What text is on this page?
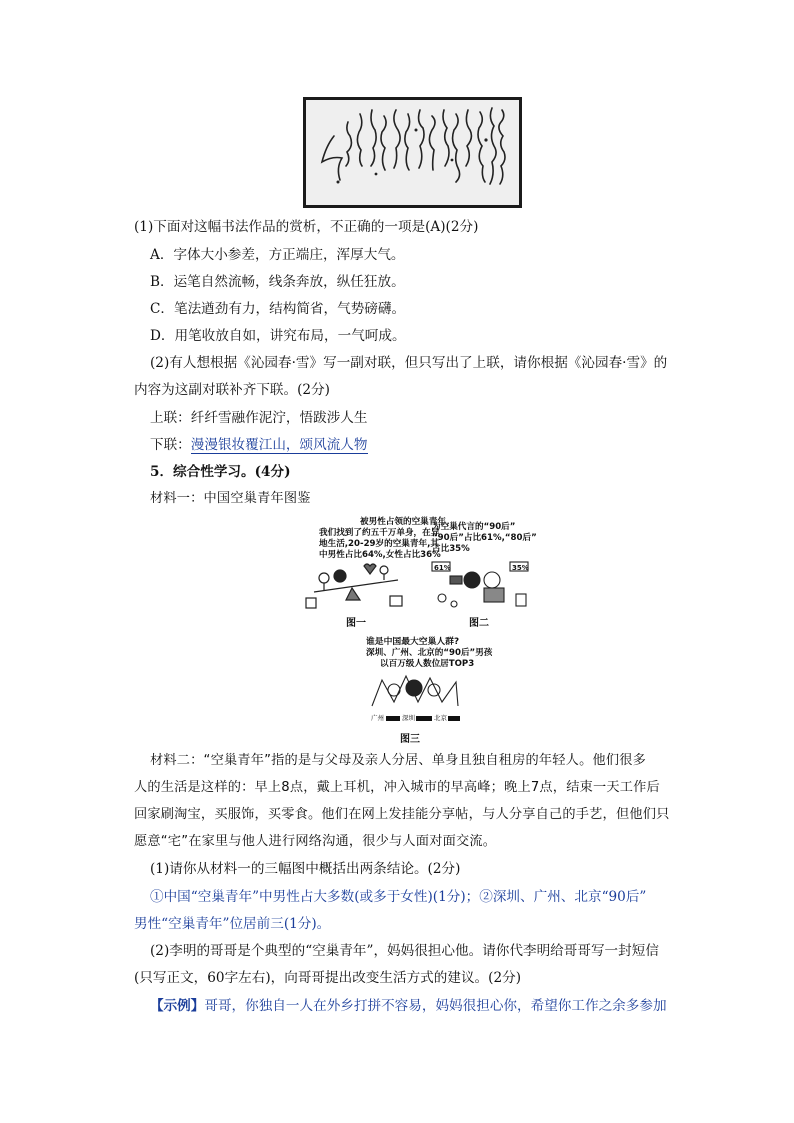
(1)下面对这幅书法作品的赏析，不正确的一项是(A)(2分)
A．字体大小参差，方正端庄，浑厚大气。
B．运笔自然流畅，线条奔放，纵任狂放。
C．笔法遒劲有力，结构简省，气势磅礴。
D．用笔收放自如，讲究布局，一气呵成。
(2)有人想根据《沁园春·雪》写一副对联，但只写出了上联，请你根据《沁园春·雪》的
内容为这副对联补齐下联。(2分)
上联：纤纤雪融作泥泞，悟跋涉人生
下联：漫漫银妆覆江山，颂风流人物
5．综合性学习。(4分)
材料一：中国空巢青年图鉴
被男性占领的空巢青年
我们找到了约五千万单身，在异
地生活,20-29岁的空巢青年,其
中男性占比64%,女性占比36%
图一
为空巢代言的“90后”
“90后”占比61%,“80后”
占比35%
61%	35%
图二
谁是中国最大空巢人群?
深圳、广州、北京的“90后”男孩
以百万级人数位居TOP3
广州	深圳	北京
图三
材料二：“空巢青年”指的是与父母及亲人分居、单身且独自租房的年轻人。他们很多
人的生活是这样的：早上8点，戴上耳机，冲入城市的早高峰；晚上7点，结束一天工作后
回家刷淘宝，买服饰，买零食。他们在网上发挂能分享帖，与人分享自己的手艺，但他们只
愿意“宅”在家里与他人进行网络沟通，很少与人面对面交流。
(1)请你从材料一的三幅图中概括出两条结论。(2分)
①中国“空巢青年”中男性占大多数(或多于女性)(1分)；②深圳、广州、北京“90后”
男性“空巢青年”位居前三(1分)。
(2)李明的哥哥是个典型的“空巢青年”，妈妈很担心他。请你代李明给哥哥写一封短信
(只写正文，60字左右)，向哥哥提出改变生活方式的建议。(2分)
【示例】哥哥，你独自一人在外乡打拼不容易，妈妈很担心你，希望你工作之余多参加
